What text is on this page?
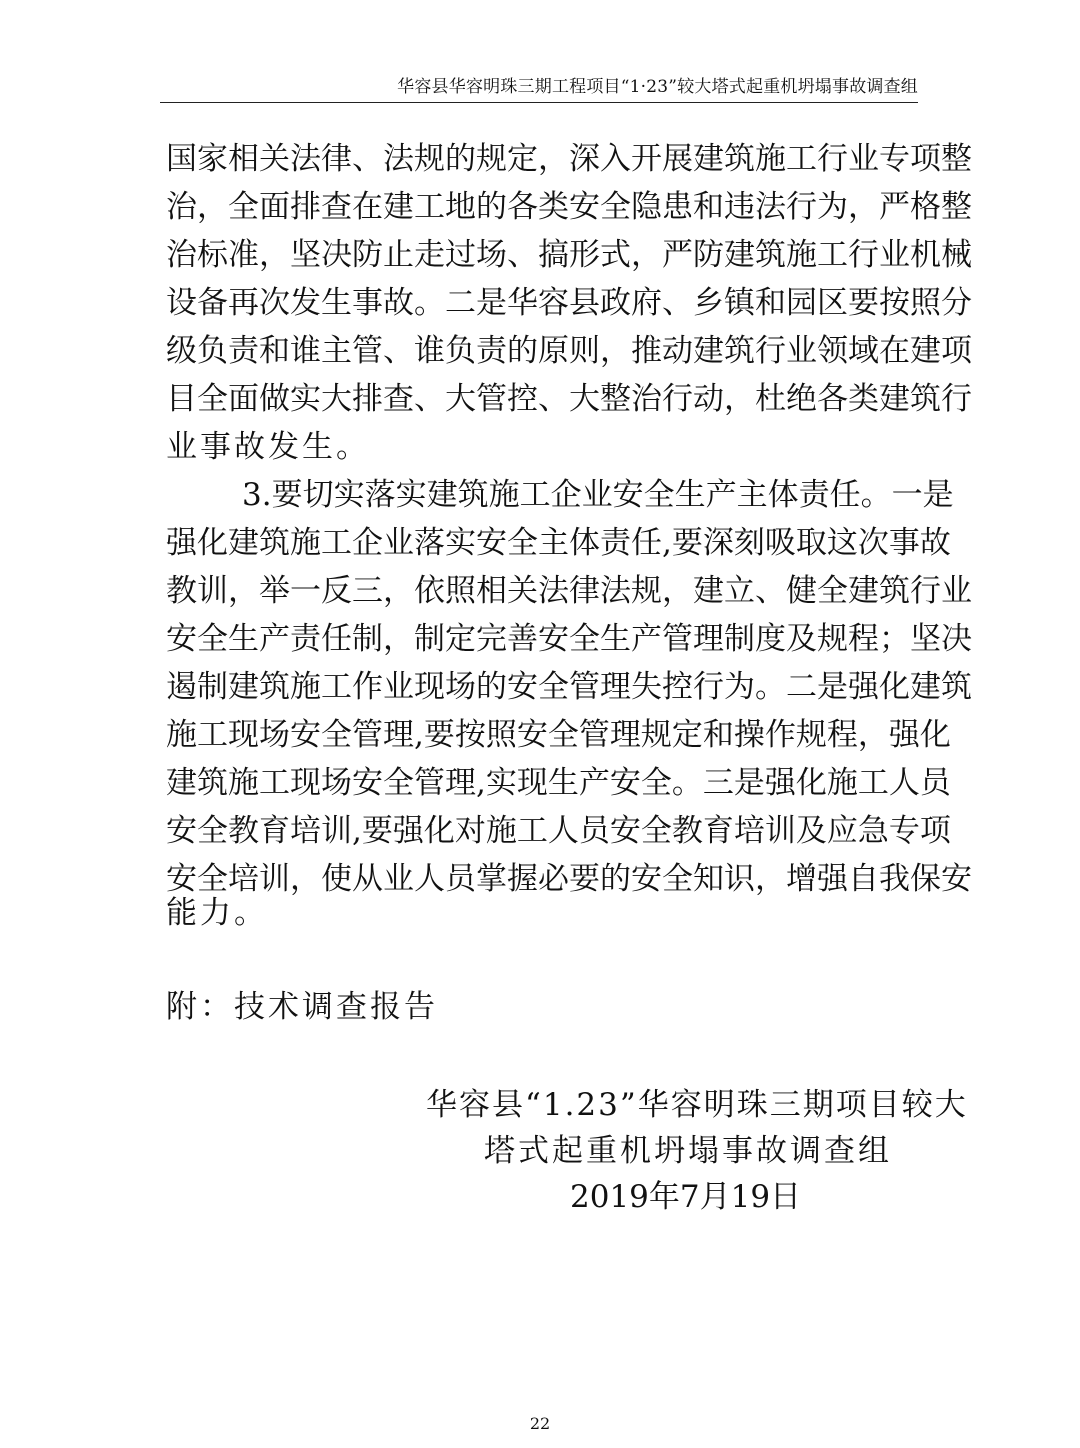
华容县华容明珠三期工程项目“1·23”较大塔式起重机坍塌事故调查组
国家相关法律、法规的规定，深入开展建筑施工行业专项整
治，全面排查在建工地的各类安全隐患和违法行为，严格整
治标准，坚决防止走过场、搞形式，严防建筑施工行业机械
设备再次发生事故。二是华容县政府、乡镇和园区要按照分
级负责和谁主管、谁负责的原则，推动建筑行业领域在建项
目全面做实大排查、大管控、大整治行动，杜绝各类建筑行
业事故发生。
3.要切实落实建筑施工企业安全生产主体责任。一是
强化建筑施工企业落实安全主体责任,要深刻吸取这次事故
教训，举一反三，依照相关法律法规，建立、健全建筑行业
安全生产责任制，制定完善安全生产管理制度及规程；坚决
遏制建筑施工作业现场的安全管理失控行为。二是强化建筑
施工现场安全管理,要按照安全管理规定和操作规程，强化
建筑施工现场安全管理,实现生产安全。三是强化施工人员
安全教育培训,要强化对施工人员安全教育培训及应急专项
安全培训，使从业人员掌握必要的安全知识，增强自我保安
能力。
附：技术调查报告
华容县“1.23”华容明珠三期项目较大
塔式起重机坍塌事故调查组
2019年7月19日
22
